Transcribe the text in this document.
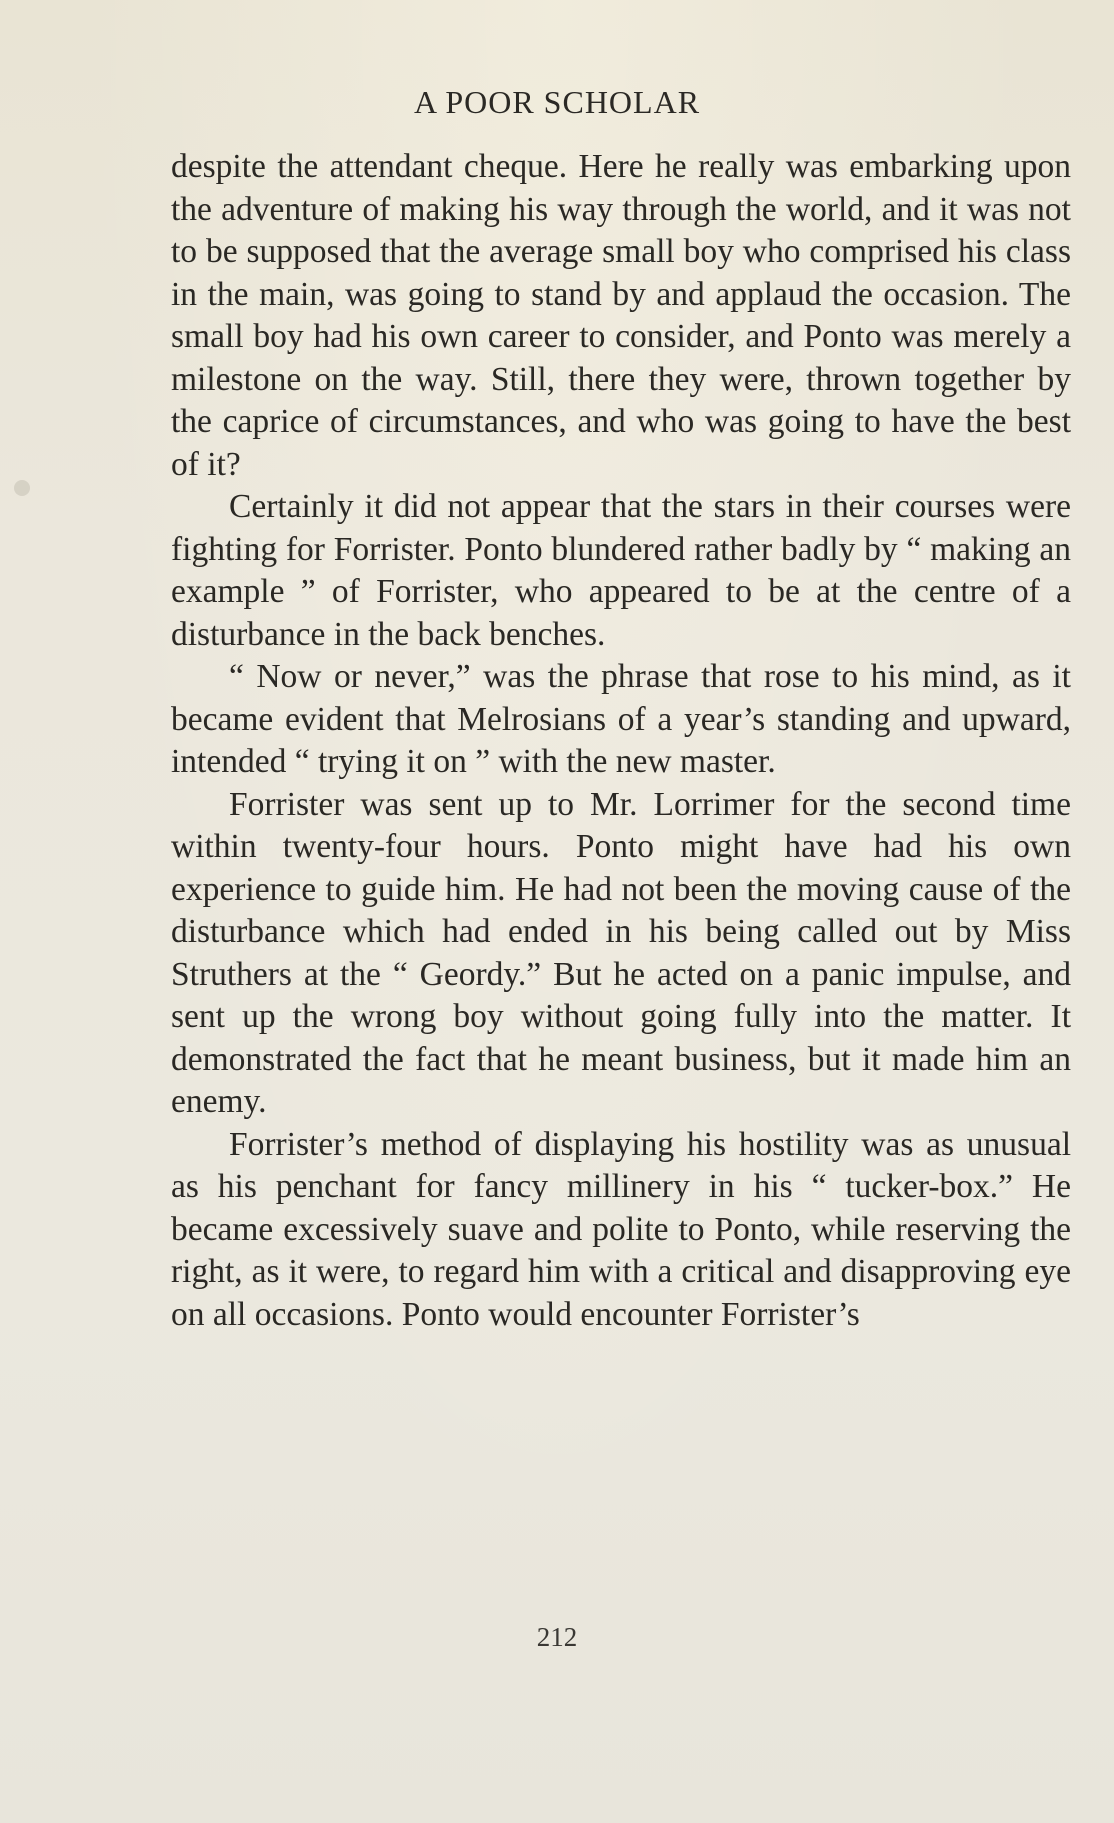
A POOR SCHOLAR

despite the attendant cheque. Here he really was embarking upon the adventure of making his way through the world, and it was not to be supposed that the average small boy who comprised his class in the main, was going to stand by and applaud the occasion. The small boy had his own career to consider, and Ponto was merely a milestone on the way. Still, there they were, thrown together by the caprice of circumstances, and who was going to have the best of it?

Certainly it did not appear that the stars in their courses were fighting for Forrister. Ponto blundered rather badly by “ making an example ” of Forrister, who appeared to be at the centre of a disturbance in the back benches.

“ Now or never,” was the phrase that rose to his mind, as it became evident that Melrosians of a year’s standing and upward, intended “ trying it on ” with the new master.

Forrister was sent up to Mr. Lorrimer for the second time within twenty-four hours. Ponto might have had his own experience to guide him. He had not been the moving cause of the disturbance which had ended in his being called out by Miss Struthers at the “ Geordy.” But he acted on a panic impulse, and sent up the wrong boy without going fully into the matter. It demonstrated the fact that he meant business, but it made him an enemy.

Forrister’s method of displaying his hostility was as unusual as his penchant for fancy millinery in his “ tucker-box.” He became excessively suave and polite to Ponto, while reserving the right, as it were, to regard him with a critical and disapproving eye on all occasions. Ponto would encounter Forrister’s

212
